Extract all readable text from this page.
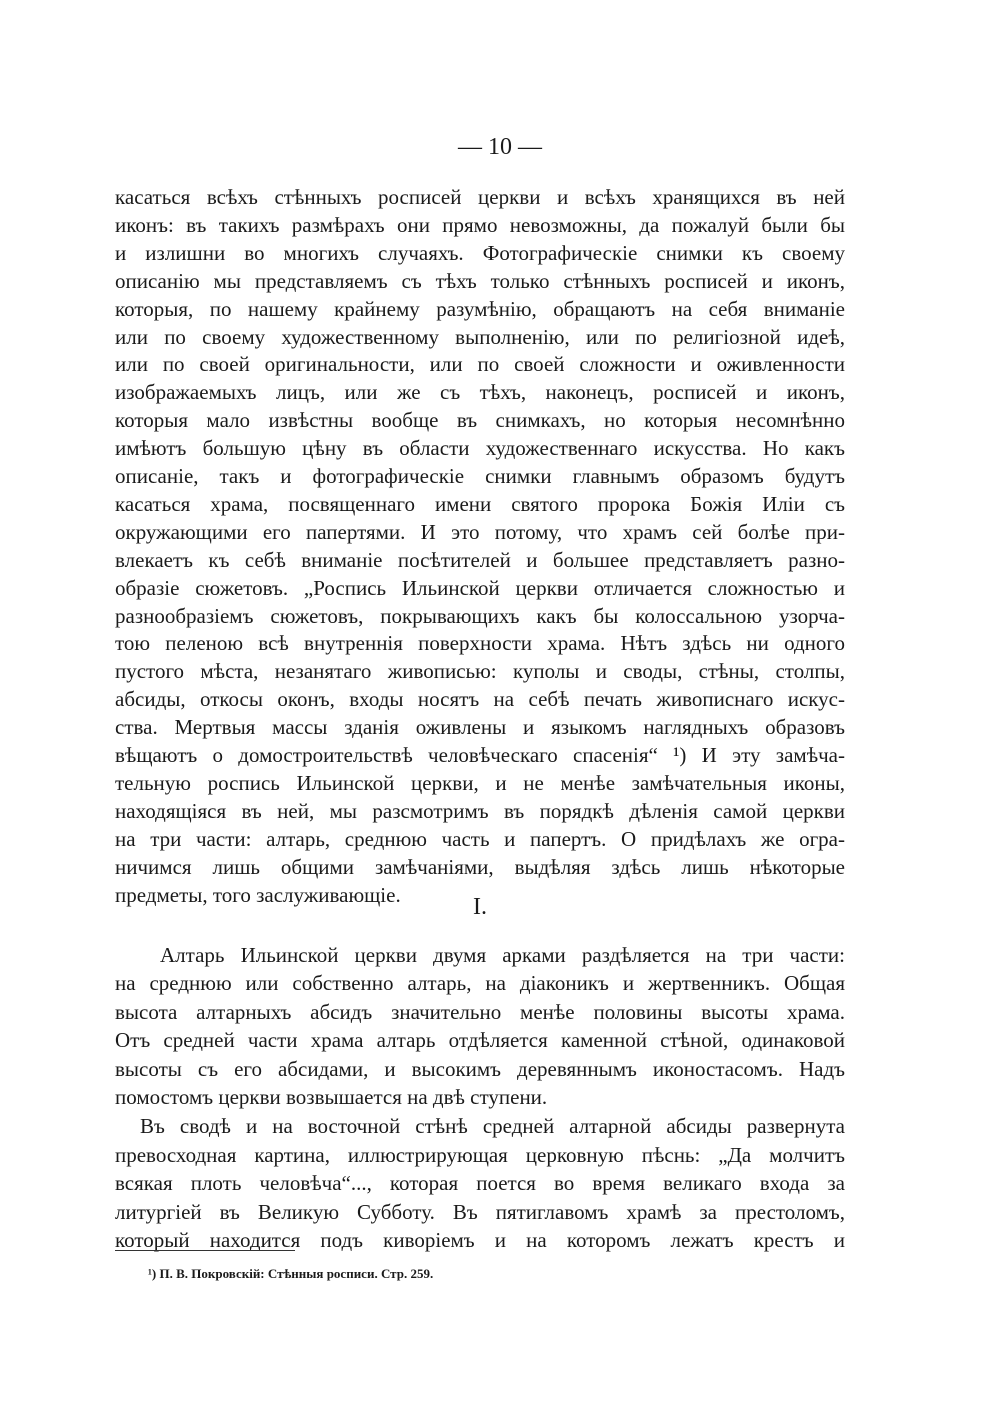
— 10 —
касаться всѣхъ стѣнныхъ росписей церкви и всѣхъ хранящихся въ ней
иконъ: въ такихъ размѣрахъ они прямо невозможны, да пожалуй были бы
и излишни во многихъ случаяхъ. Фотографическіе снимки къ своему
описанію мы представляемъ съ тѣхъ только стѣнныхъ росписей и иконъ,
которыя, по нашему крайнему разумѣнію, обращаютъ на себя вниманіе
или по своему художественному выполненію, или по религіозной идеѣ,
или по своей оригинальности, или по своей сложности и оживленности
изображаемыхъ лицъ, или же съ тѣхъ, наконецъ, росписей и иконъ,
которыя мало извѣстны вообще въ снимкахъ, но которыя несомнѣнно
имѣютъ большую цѣну въ области художественнаго искусства. Но какъ
описаніе, такъ и фотографическіе снимки главнымъ образомъ будутъ
касаться храма, посвященнаго имени святого пророка Божія Иліи съ
окружающими его папертями. И это потому, что храмъ сей болѣе при-
влекаетъ къ себѣ вниманіе посѣтителей и большее представляетъ разно-
образіе сюжетовъ. „Роспись Ильинской церкви отличается сложностью и
разнообразіемъ сюжетовъ, покрывающихъ какъ бы колоссальною узорча-
тою пеленою всѣ внутреннія поверхности храма. Нѣтъ здѣсь ни одного
пустого мѣста, незанятаго живописью: куполы и своды, стѣны, столпы,
абсиды, откосы оконъ, входы носятъ на себѣ печать живописнаго искус-
ства. Мертвыя массы зданія оживлены и языкомъ наглядныхъ образовъ
вѣщаютъ о домостроительствѣ человѣческаго спасенія“ ¹) И эту замѣча-
тельную роспись Ильинской церкви, и не менѣе замѣчательныя иконы,
находящіяся въ ней, мы разсмотримъ въ порядкѣ дѣленія самой церкви
на три части: алтарь, среднюю часть и папертъ. О придѣлахъ же огра-
ничимся лишь общими замѣчаніями, выдѣляя здѣсь лишь нѣкоторые
предметы, того заслуживающіе.	I.
Алтарь Ильинской церкви двумя арками раздѣляется на три части:
на среднюю или собственно алтарь, на діаконикъ и жертвенникъ. Общая
высота алтарныхъ абсидъ значительно менѣе половины высоты храма.
Отъ средней части храма алтарь отдѣляется каменной стѣной, одинаковой
высоты съ его абсидами, и высокимъ деревяннымъ иконостасомъ. Надъ
помостомъ церкви возвышается на двѣ ступени.
Въ сводѣ и на восточной стѣнѣ средней алтарной абсиды развернута
превосходная картина, иллюстрирующая церковную пѣснь: „Да молчитъ
всякая плоть человѣча“..., которая поется во время великаго входа за
литургіей въ Великую Субботу. Въ пятиглавомъ храмѣ за престоломъ,
который находится подъ киворіемъ и на которомъ лежатъ крестъ и
¹) П. В. Покровскій: Стѣнныя росписи. Стр. 259.
